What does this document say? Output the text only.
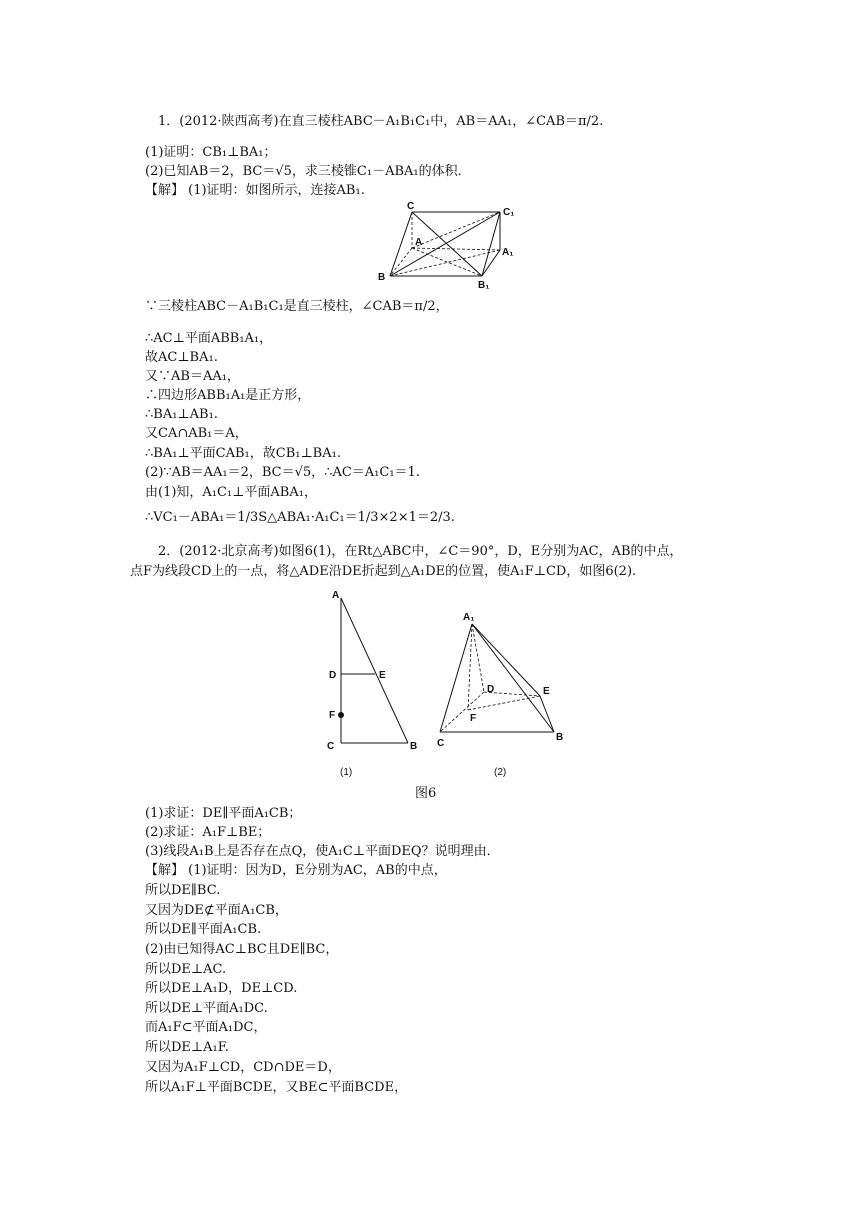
1．(2012·陕西高考)在直三棱柱ABC－A₁B₁C₁中，AB＝AA₁，∠CAB＝π/2.
(1)证明：CB₁⊥BA₁；
(2)已知AB＝2，BC＝√5，求三棱锥C₁－ABA₁的体积．
【解】 (1)证明：如图所示，连接AB₁.
C
C₁
A
A₁
B
B₁
∵三棱柱ABC－A₁B₁C₁是直三棱柱，∠CAB＝π/2，
∴AC⊥平面ABB₁A₁，
故AC⊥BA₁.
又∵AB＝AA₁，
∴四边形ABB₁A₁是正方形，
∴BA₁⊥AB₁.
又CA∩AB₁＝A，
∴BA₁⊥平面CAB₁，故CB₁⊥BA₁.
(2)∵AB＝AA₁＝2，BC＝√5，∴AC＝A₁C₁＝1.
由(1)知，A₁C₁⊥平面ABA₁，
∴VC₁－ABA₁＝1/3S△ABA₁·A₁C₁＝1/3×2×1＝2/3.
2．(2012·北京高考)如图6(1)，在Rt△ABC中，∠C＝90°，D，E分别为AC，AB的中点，
点F为线段CD上的一点，将△ADE沿DE折起到△A₁DE的位置，使A₁F⊥CD，如图6(2).
A
D	E
F
C	B
A₁
D	E
F
C
B
(1)	(2)
图6
(1)求证：DE∥平面A₁CB；
(2)求证：A₁F⊥BE；
(3)线段A₁B上是否存在点Q，使A₁C⊥平面DEQ？说明理由．
【解】 (1)证明：因为D，E分别为AC，AB的中点，
所以DE∥BC.
又因为DE⊄平面A₁CB，
所以DE∥平面A₁CB.
(2)由已知得AC⊥BC且DE∥BC，
所以DE⊥AC.
所以DE⊥A₁D，DE⊥CD.
所以DE⊥平面A₁DC.
而A₁F⊂平面A₁DC，
所以DE⊥A₁F.
又因为A₁F⊥CD，CD∩DE＝D，
所以A₁F⊥平面BCDE，又BE⊂平面BCDE，
